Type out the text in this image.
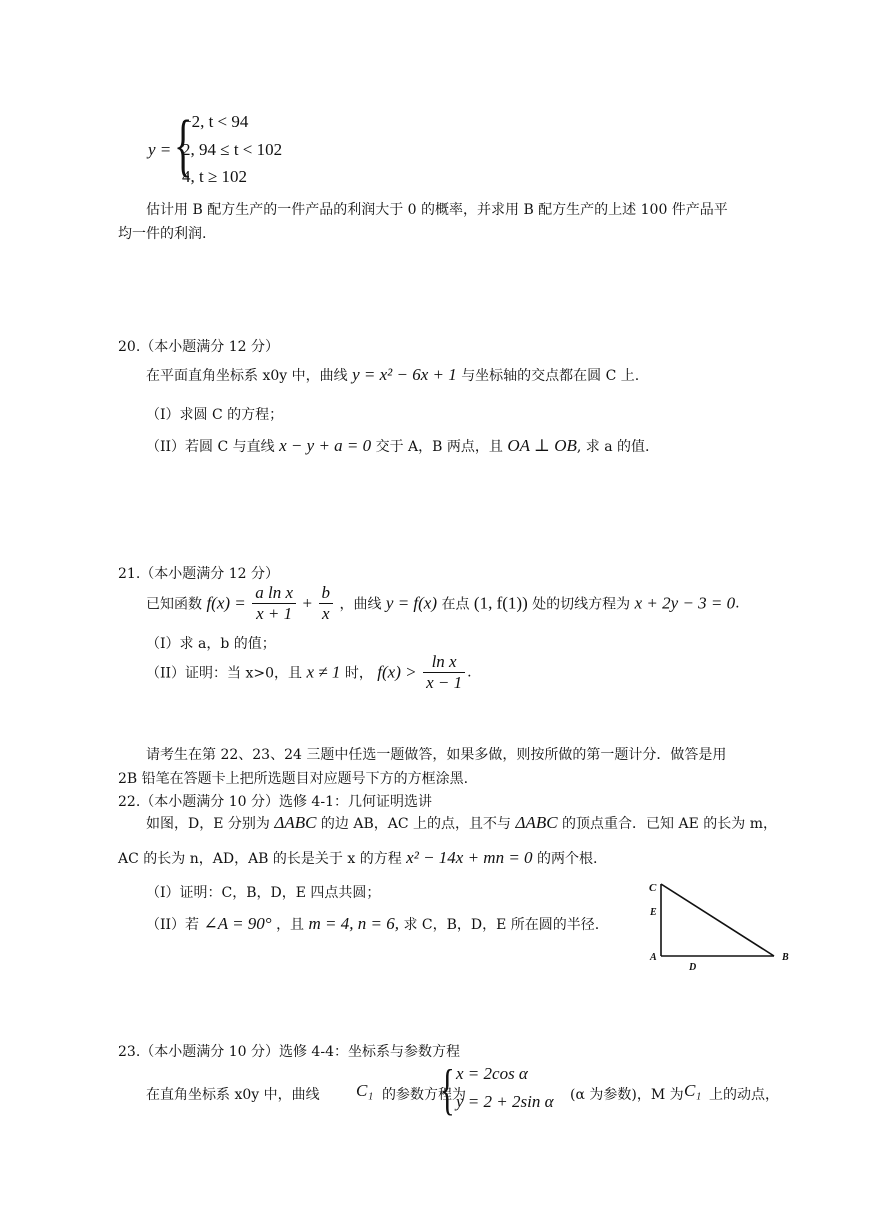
y = {
−2, t < 94
2, 94 ≤ t < 102
4, t ≥ 102
估计用 B 配方生产的一件产品的利润大于 0 的概率，并求用 B 配方生产的上述 100 件产品平
均一件的利润.
20.（本小题满分 12 分）
在平面直角坐标系 x0y 中，曲线 y = x² − 6x + 1 与坐标轴的交点都在圆 C 上.
（I）求圆 C 的方程；
（II）若圆 C 与直线 x − y + a = 0 交于 A，B 两点，且 OA ⊥ OB, 求 a 的值.
21.（本小题满分 12 分）
已知函数 $f(x) = \frac{\text{a ln x}}{x + 1} + \frac{b}{x}$ ，曲线 y = f(x) 在点 (1, f(1)) 处的切线方程为 x + 2y − 3 = 0.
（I）求 a，b 的值；
（II）证明：当 x>0，且 x ≠ 1 时， $f(x) > \frac{\text{ln x}}{x - 1}$ .
请考生在第 22、23、24 三题中任选一题做答，如果多做，则按所做的第一题计分．做答是用
2B 铅笔在答题卡上把所选题目对应题号下方的方框涂黑.
22.（本小题满分 10 分）选修 4-1：几何证明选讲
如图，D，E 分别为 ΔABC 的边 AB，AC 上的点，且不与 ΔABC 的顶点重合．已知 AE 的长为 m，
AC 的长为 n，AD，AB 的长是关于 x 的方程 x² − 14x + mn = 0 的两个根.
（I）证明：C，B，D，E 四点共圆；
（II）若 ∠A = 90° ，且 m = 4, n = 6, 求 C，B，D，E 所在圆的半径.
C
E
A
D
B
23.（本小题满分 10 分）选修 4-4：坐标系与参数方程
在直角坐标系 x0y 中，曲线 C₁ 的参数方程为
{ x = 2cos α
y = 2 + 2sin α (α 为参数)，M 为 C₁ 上的动点，
